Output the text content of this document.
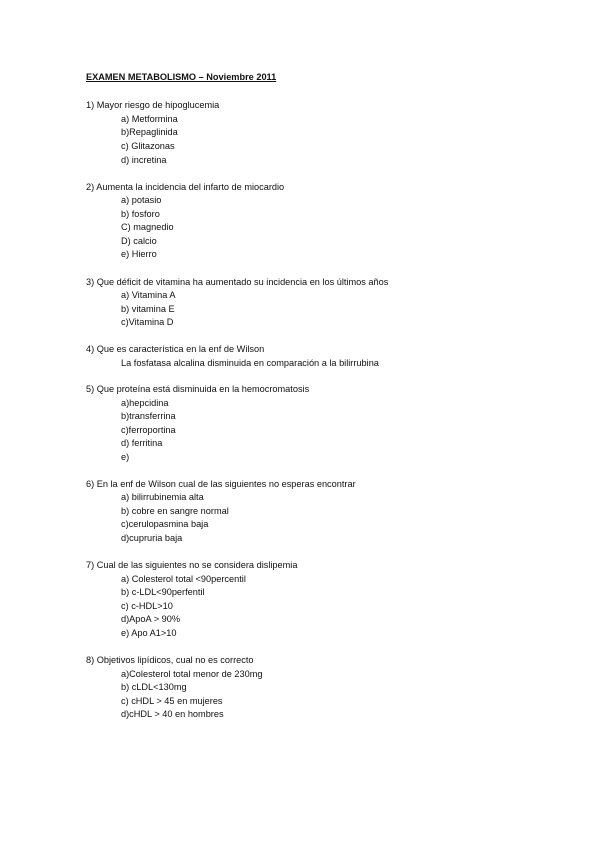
EXAMEN METABOLISMO – Noviembre 2011
1) Mayor riesgo de hipoglucemia
a) Metformina
b)Repaglinida
c) Glitazonas
d) incretina
2) Aumenta la incidencia del infarto de miocardio
a) potasio
b) fosforo
C) magnedio
D) calcio
e) Hierro
3) Que déficit de vitamina ha aumentado su incidencia en los últimos años
a) Vitamina A
b) vitamina E
c)Vitamina D
4) Que es característica en la enf de Wilson
La fosfatasa alcalina disminuida en comparación a la bilirrubina
5) Que proteína está disminuida en la hemocromatosis
a)hepcidina
b)transferrina
c)ferroportina
d) ferritina
e)
6) En la enf de Wilson cual de las siguientes no esperas encontrar
a) bilirrubinemia alta
b) cobre en sangre normal
c)cerulopasmina baja
d)cupruria baja
7) Cual de las siguientes no se considera dislipemia
a) Colesterol total <90percentil
b) c-LDL<90perfentil
c) c-HDL>10
d)ApoA > 90%
e) Apo A1>10
8) Objetivos lipídicos, cual no es correcto
a)Colesterol total menor de 230mg
b) cLDL<130mg
c) cHDL > 45 en mujeres
d)cHDL > 40 en hombres
